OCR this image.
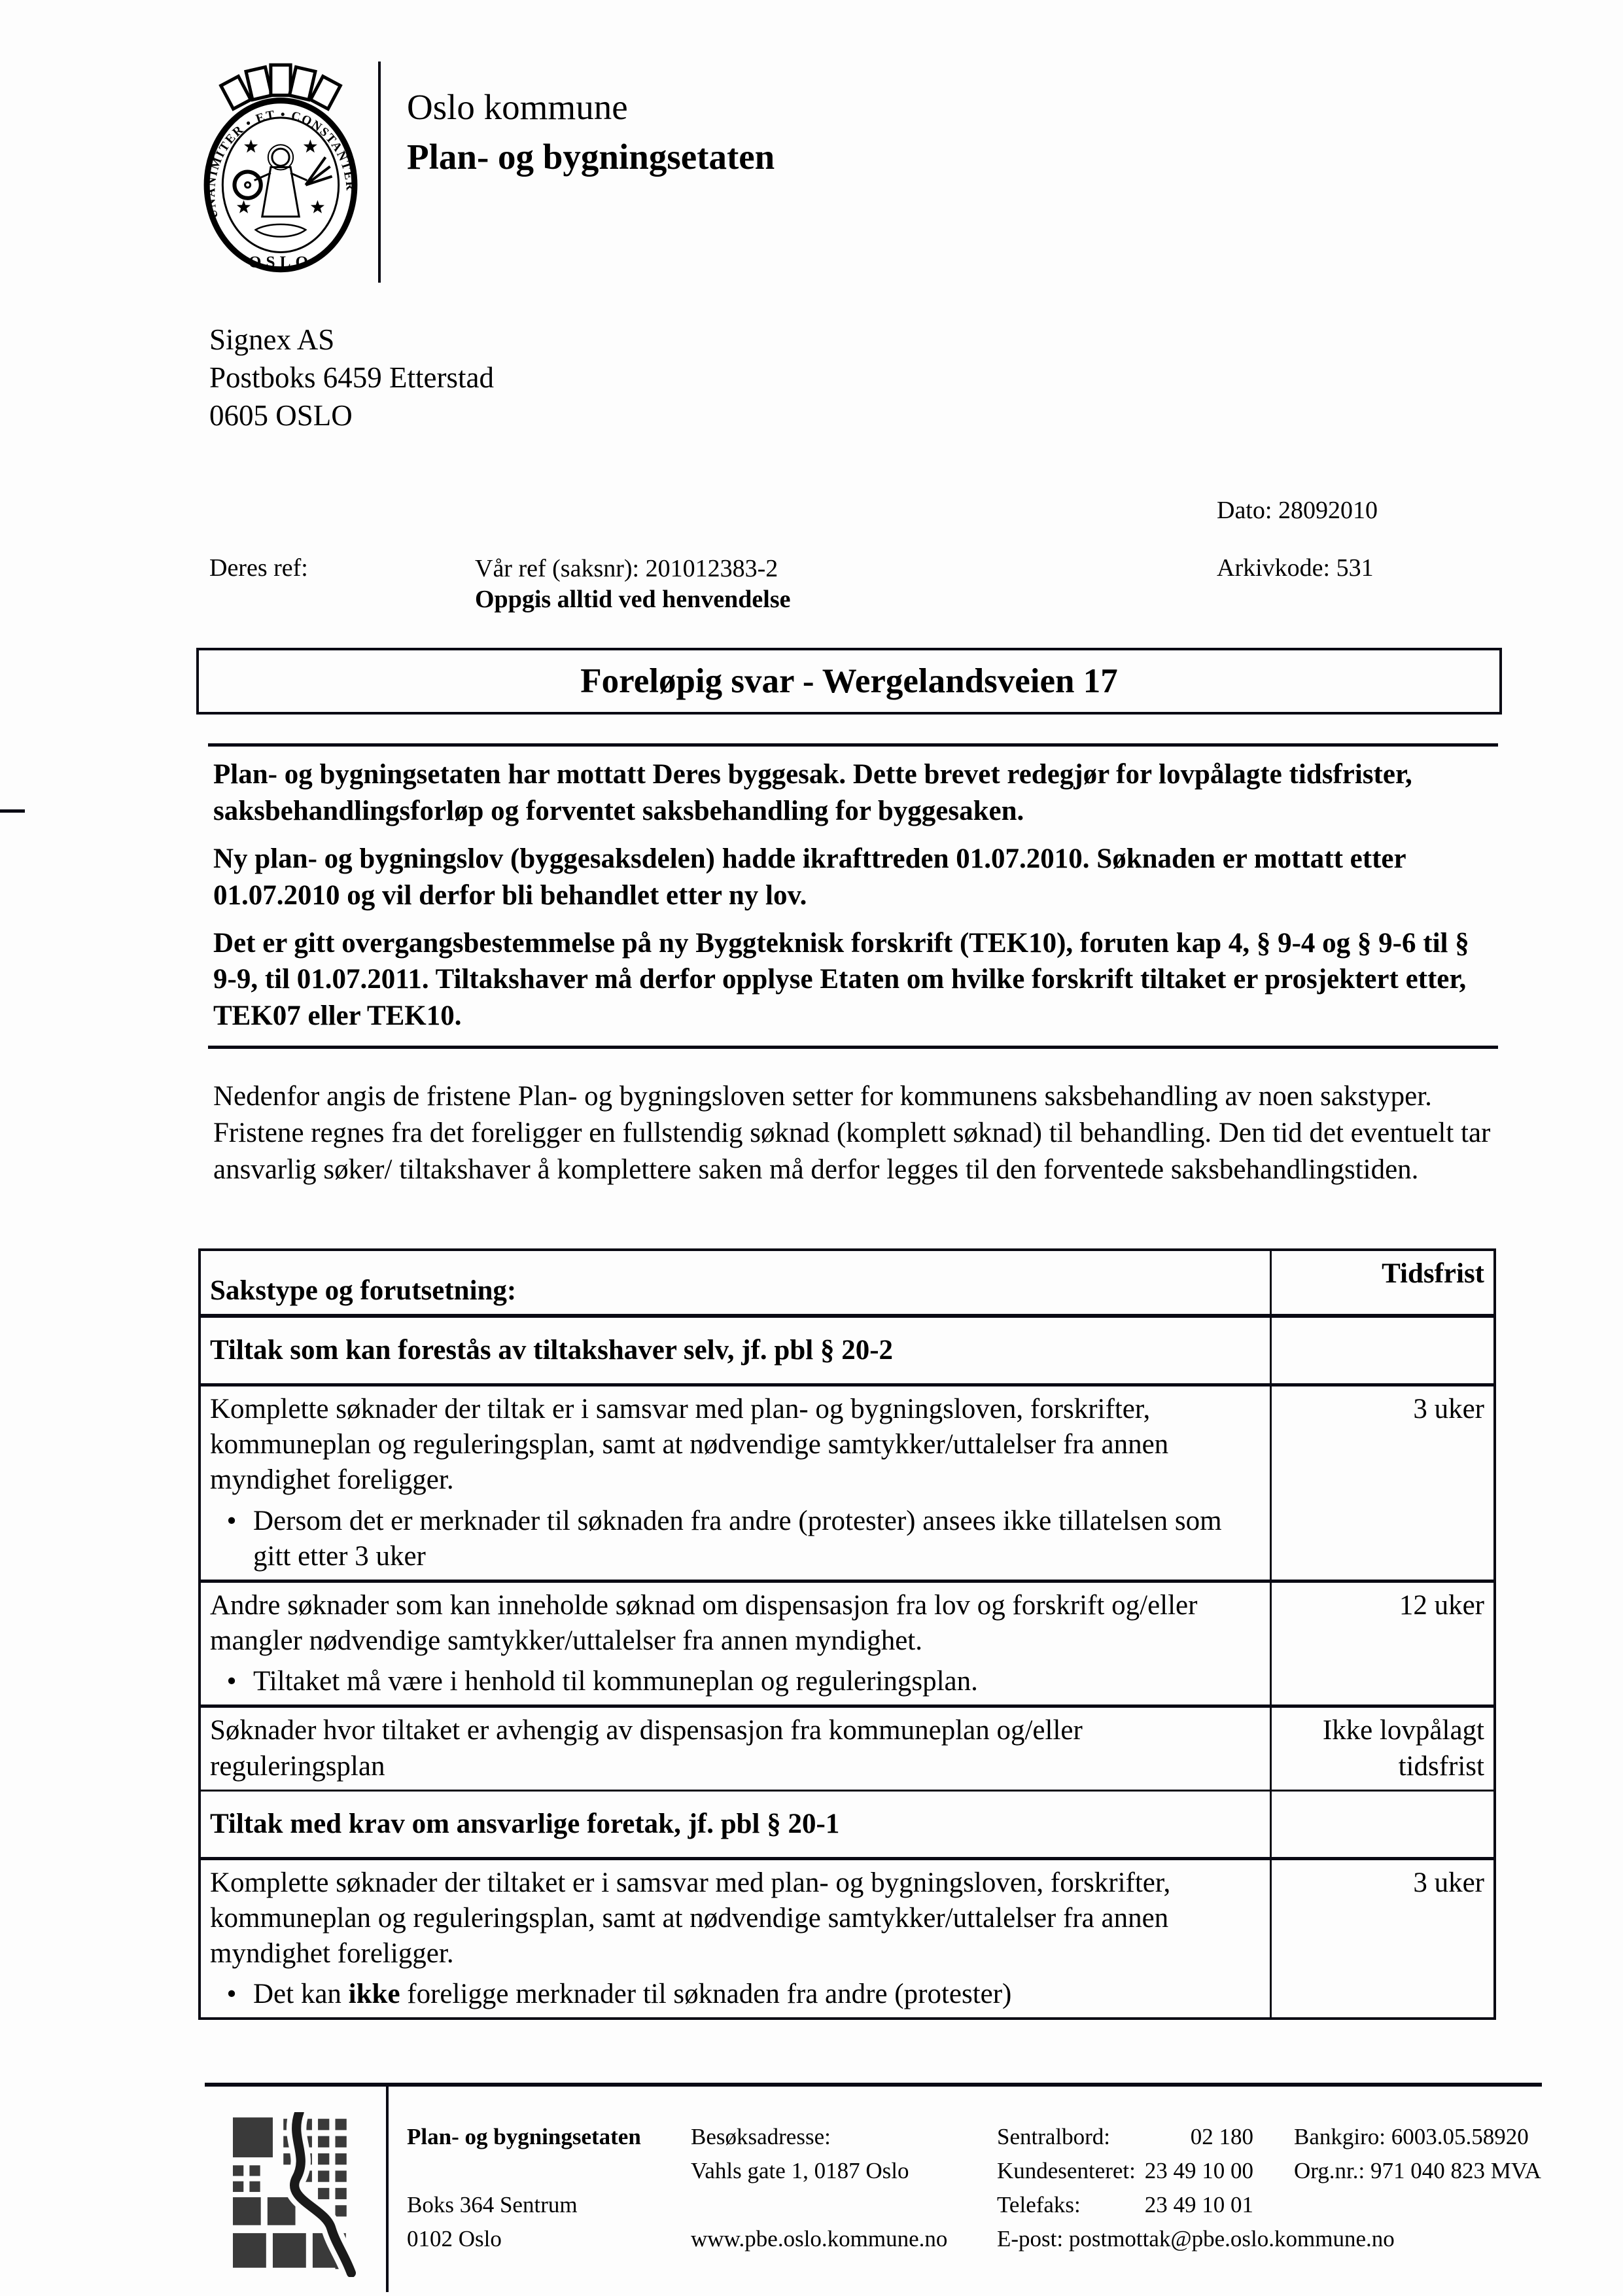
UNANIMITER • ET • CONSTANTER
OSLO
Oslo kommune
Plan- og bygningsetaten
Signex AS
Postboks 6459 Etterstad
0605 OSLO
Dato: 28092010
Deres ref:	Vår ref (saksnr): 201012383-2
Oppgis alltid ved henvendelse
Arkivkode: 531
Foreløpig svar - Wergelandsveien 17

Plan- og bygningsetaten har mottatt Deres byggesak. Dette brevet redegjør for lovpålagte tidsfrister, saksbehandlingsforløp og forventet saksbehandling for byggesaken.

Ny plan- og bygningslov (byggesaksdelen) hadde ikrafttreden 01.07.2010. Søknaden er mottatt etter 01.07.2010 og vil derfor bli behandlet etter ny lov.

Det er gitt overgangsbestemmelse på ny Byggteknisk forskrift (TEK10), foruten kap 4, § 9-4 og § 9-6 til § 9-9, til 01.07.2011. Tiltakshaver må derfor opplyse Etaten om hvilke forskrift tiltaket er prosjektert etter, TEK07 eller TEK10.

Nedenfor angis de fristene Plan- og bygningsloven setter for kommunens saksbehandling av noen sakstyper. Fristene regnes fra det foreligger en fullstendig søknad (komplett søknad) til behandling. Den tid det eventuelt tar ansvarlig søker/ tiltakshaver å komplettere saken må derfor legges til den forventede saksbehandlingstiden.
Sakstype og forutsetning:	Tidsfrist
Tiltak som kan forestås av tiltakshaver selv, jf. pbl § 20-2	

Komplette søknader der tiltak er i samsvar med plan- og bygningsloven, forskrifter, kommuneplan og reguleringsplan, samt at nødvendige samtykker/uttalelser fra annen myndighet foreligger.
• Dersom det er merknader til søknaden fra andre (protester) ansees ikke tillatelsen som gitt etter 3 uker	3 uker

Andre søknader som kan inneholde søknad om dispensasjon fra lov og forskrift og/eller mangler nødvendige samtykker/uttalelser fra annen myndighet.
• Tiltaket må være i henhold til kommuneplan og reguleringsplan.	12 uker
Søknader hvor tiltaket er avhengig av dispensasjon fra kommuneplan og/eller reguleringsplan	Ikke lovpålagt tidsfrist
Tiltak med krav om ansvarlige foretak, jf. pbl § 20-1	

Komplette søknader der tiltaket er i samsvar med plan- og bygningsloven, forskrifter, kommuneplan og reguleringsplan, samt at nødvendige samtykker/uttalelser fra annen myndighet foreligger.
• Det kan ikke foreligge merknader til søknaden fra andre (protester)	3 uker
Plan- og bygningsetaten
Boks 364 Sentrum
0102 Oslo
Besøksadresse:
Vahls gate 1, 0187 Oslo
www.pbe.oslo.kommune.no
Sentralbord:	02 180
Kundesenteret: 23 49 10 00
Telefaks:	23 49 10 01
E-post: postmottak@pbe.oslo.kommune.no
Bankgiro: 6003.05.58920
Org.nr.: 971 040 823 MVA
